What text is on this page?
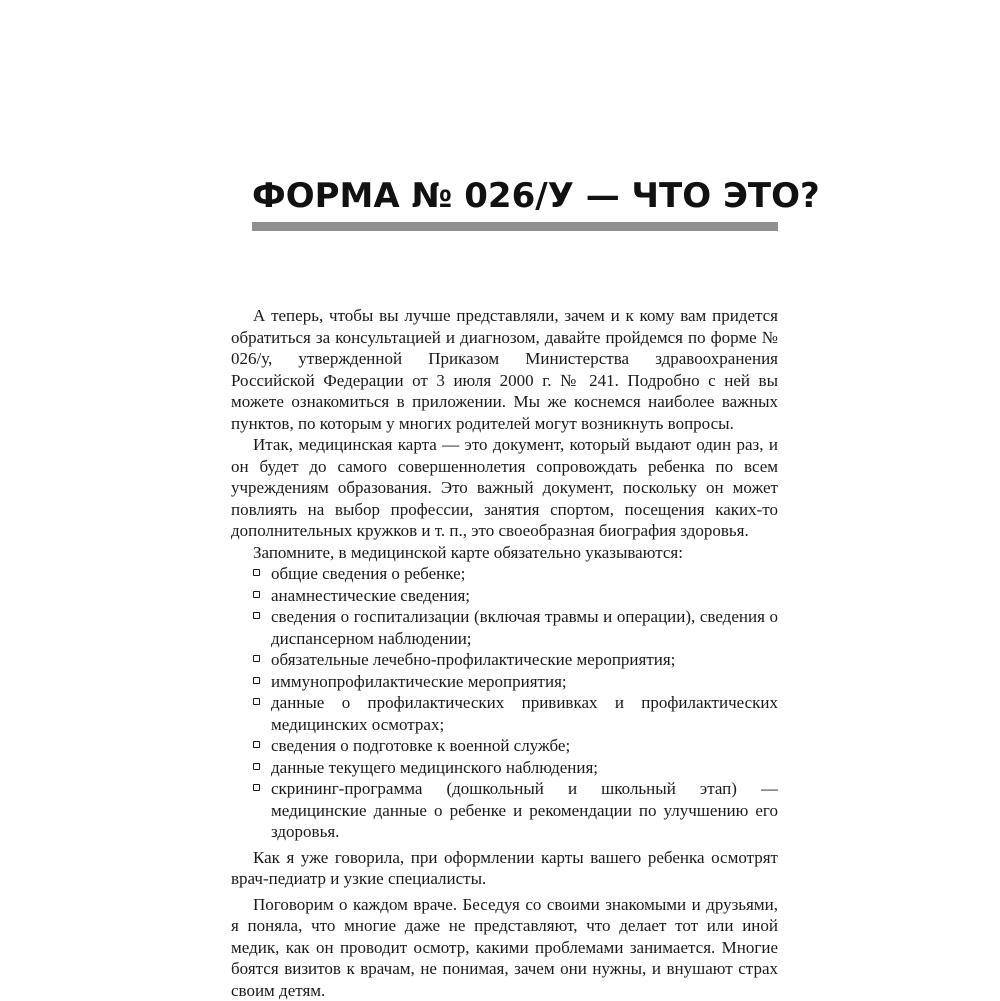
ФОРМА № 026/У — ЧТО ЭТО?

А теперь, чтобы вы лучше представляли, зачем и к кому вам придется обратиться за консультацией и диагнозом, давайте пройдемся по форме № 026/у, утвержденной Приказом Министерства здравоохранения Российской Федерации от 3 июля 2000 г. № 241. Подробно с ней вы можете ознакомиться в приложении. Мы же коснемся наиболее важных пунктов, по которым у многих родителей могут возникнуть вопросы.

Итак, медицинская карта — это документ, который выдают один раз, и он будет до самого совершеннолетия сопровождать ребенка по всем учреждениям образования. Это важный документ, поскольку он может повлиять на выбор профессии, занятия спортом, посещения каких-то дополнительных кружков и т. п., это своеобразная биография здоровья.

Запомните, в медицинской карте обязательно указываются:

общие сведения о ребенке;
анамнестические сведения;
сведения о госпитализации (включая травмы и операции), сведения о диспансерном наблюдении;
обязательные лечебно-профилактические мероприятия;
иммунопрофилактические мероприятия;
данные о профилактических прививках и профилактических медицинских осмотрах;
сведения о подготовке к военной службе;
данные текущего медицинского наблюдения;
скрининг-программа (дошкольный и школьный этап) — медицинские данные о ребенке и рекомендации по улучшению его здоровья.

Как я уже говорила, при оформлении карты вашего ребенка осмотрят врач-педиатр и узкие специалисты.

Поговорим о каждом враче. Беседуя со своими знакомыми и друзьями, я поняла, что многие даже не представляют, что делает тот или иной медик, как он проводит осмотр, какими проблемами занимается. Многие боятся визитов к врачам, не понимая, зачем они нужны, и внушают страх своим детям.
